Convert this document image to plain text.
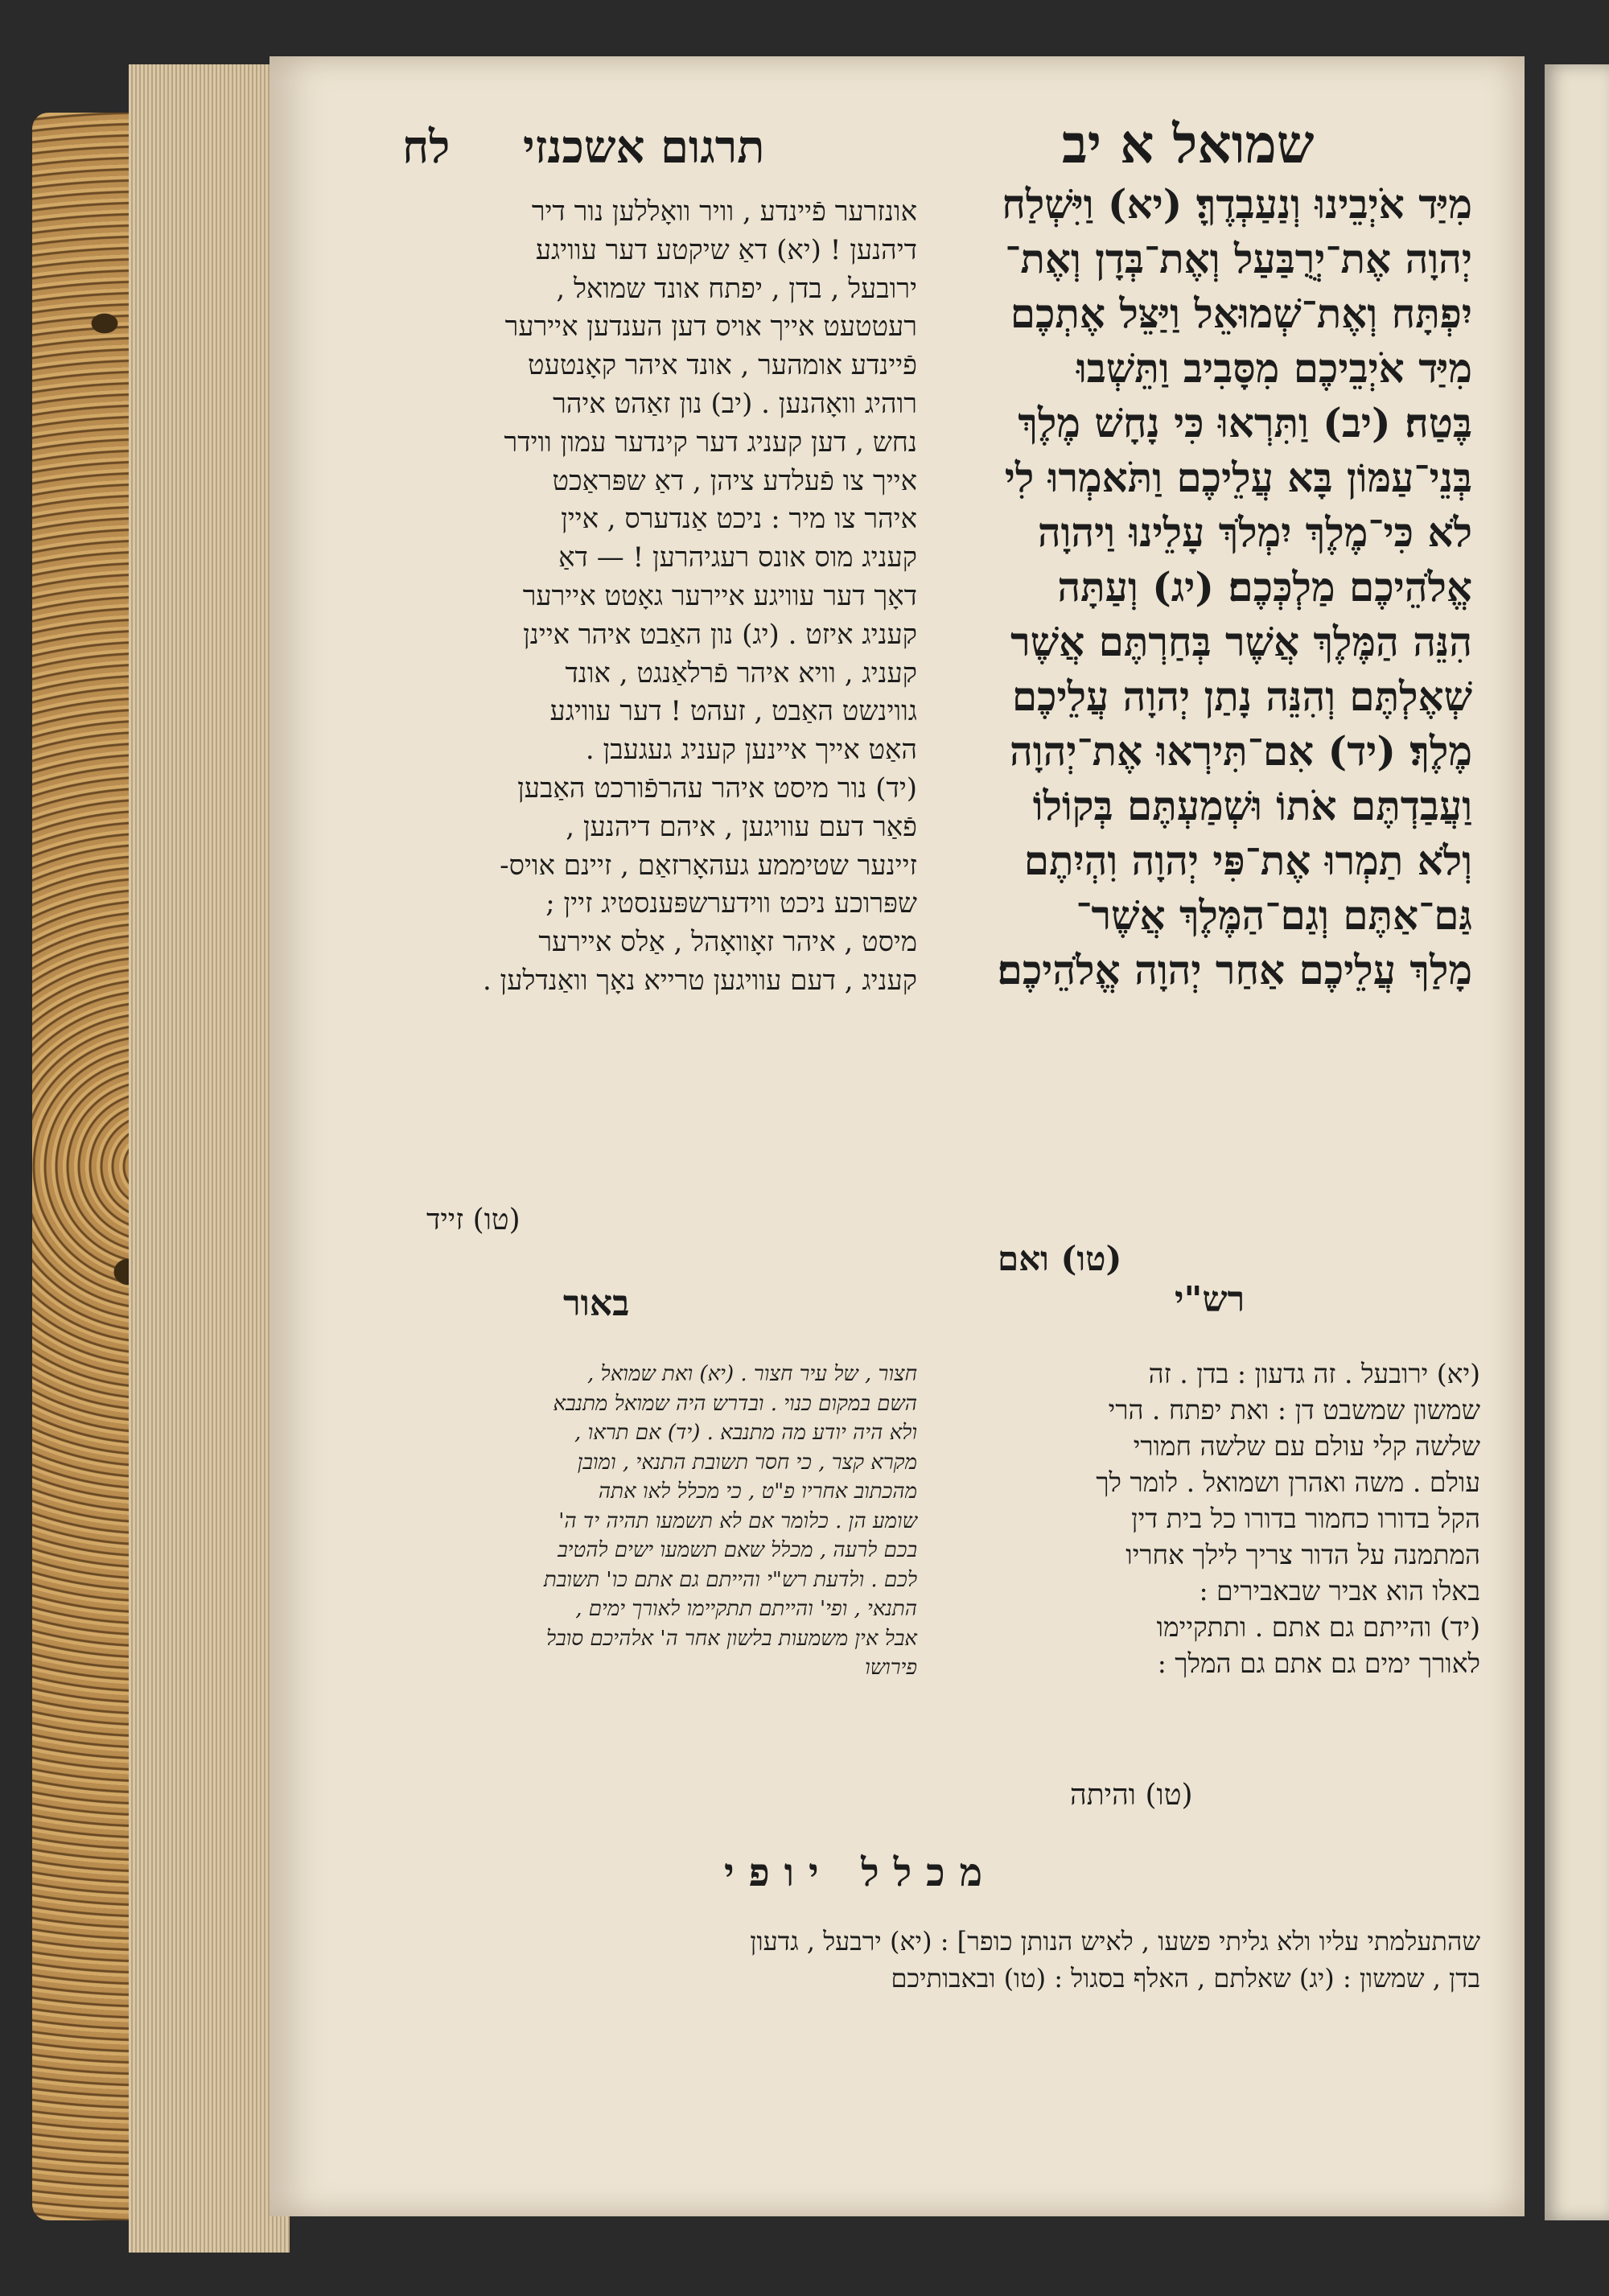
שמואל א יב
תרגום אשכנזי
לח
מִיַּד אֹיְבֵינוּ וְנַעַבְדֶךָּ׃ (יא) וַיִּשְׁלַח
יְהוָה אֶת־יְרֻבַּעַל וְאֶת־בְּדָן וְאֶת־
יִפְתָּח וְאֶת־שְׁמוּאֵל וַיַּצֵּל אֶתְכֶם
מִיַּד אֹיְבֵיכֶם מִסָּבִיב וַתֵּשְׁבוּ
בֶּטַח׃ (יב) וַתִּרְאוּ כִּי נָחָשׁ מֶלֶךְ
בְּנֵי־עַמּוֹן בָּא עֲלֵיכֶם וַתֹּאמְרוּ לִי
לֹא כִּי־מֶלֶךְ יִמְלֹךְ עָלֵינוּ וַיהוָה
אֱלֹהֵיכֶם מַלְכְּכֶם׃ (יג) וְעַתָּה
הִנֵּה הַמֶּלֶךְ אֲשֶׁר בְּחַרְתֶּם אֲשֶׁר
שְׁאֶלְתֶּם וְהִנֵּה נָתַן יְהוָה עֲלֵיכֶם
מֶלֶךְ׃ (יד) אִם־תִּירְאוּ אֶת־יְהוָה
וַעֲבַדְתֶּם אֹתוֹ וּשְׁמַעְתֶּם בְּקוֹלוֹ
וְלֹא תַמְרוּ אֶת־פִּי יְהוָה וִהְיִתֶם
גַּם־אַתֶּם וְגַם־הַמֶּלֶךְ אֲשֶׁר־
מָלַךְ עֲלֵיכֶם אַחַר יְהוָה אֱלֹהֵיכֶם׃
(טו) ואם
אונזרער פֿיינדע , וויר וואָללען נור דיר
דיהנען ! (יא) דאַ שיקטע דער עוויגע
ירובעל , בדן , יפתח אונד שמואל ,
רעטטעט אייך אויס דען הענדען איירער
פֿיינדע אומהער , אונד איהר קאָנטעט
רוהיג וואָהנען . (יב) נון זאַהט איהר
נחש , דען קעניג דער קינדער עמון ווידר
אייך צו פֿעלדע ציהן , דאַ שפּראַכט
איהר צו מיר : ניכט אַנדערס , איין
קעניג מוס אונס רעגיהרען ! — דאַ
דאָך דער עוויגע איירער גאָטט איירער
קעניג איזט . (יג) נון האַבט איהר איינן
קעניג , וויא איהר פֿרלאַנגט , אונד
גווינשט האַבט , זעהט ! דער עוויגע
האַט אייך איינען קעניג געגעבן .
(יד) נור מיסט איהר עהרפֿורכט האַבען
פֿאַר דעם עוויגען , איהם דיהנען ,
זיינער שטיממע געהאָרזאַם , זיינם אויס-
שפּרוכע ניכט ווידערשפּענסטיג זיין ;
מיסט , איהר זאָוואָהל , אַלס איירער
קעניג , דעם עוויגען טרייא נאָך וואַנדלען .
(טו) זייד
רש"י
(יא) ירובעל . זה גדעון : בדן . זה
שמשון שמשבט דן : ואת יפתח . הרי
שלשה קלי עולם עם שלשה חמורי
עולם . משה ואהרן ושמואל . לומר לך
הקל בדורו כחמור בדורו כל בית דין
המתמנה על הדור צריך לילך אחריו
באלו הוא אביר שבאבירים :
(יד) והייתם גם אתם . ותתקיימו
לאורך ימים גם אתם גם המלך :
(טו) והיתה
באור
חצור , של עיר חצור . (יא) ואת שמואל ,
השם במקום כנוי . ובדרש היה שמואל מתנבא
ולא היה יודע מה מתנבא . (יד) אם תראו ,
מקרא קצר , כי חסר תשובת התנאי , ומובן
מהכתוב אחריו פ"ט , כי מכלל לאו אתה
שומע הן . כלומר אם לא תשמעו תהיה יד ה'
בכם לרעה , מכלל שאם תשמעו ישים להטיב
לכם . ולדעת רש"י והייתם גם אתם כו' תשובת
התנאי , ופי' והייתם תתקיימו לאורך ימים ,
אבל אין משמעות בלשון אחר ה' אלהיכם סובל
פירושו
מכלל יופי
שהתעלמתי עליו ולא גליתי פשעו , לאיש הנותן כופר] : (יא) ירבעל , גדעון
בדן , שמשון : (יג) שאלתם , האלף בסגול : (טו) ובאבותיכם
